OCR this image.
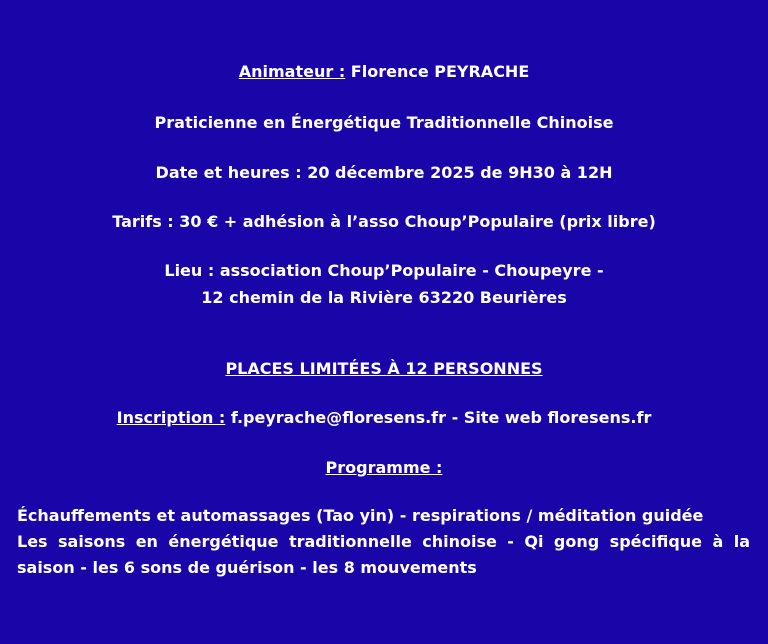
Animateur : Florence PEYRACHE
Praticienne en Énergétique Traditionnelle Chinoise
Date et heures : 20 décembre 2025 de 9H30 à 12H
Tarifs : 30 € + adhésion à l’asso Choup’Populaire (prix libre)
Lieu : association Choup’Populaire - Choupeyre -
12 chemin de la Rivière 63220 Beurières
PLACES LIMITÉES À 12 PERSONNES
Inscription : f.peyrache@floresens.fr - Site web floresens.fr
Programme :
Échauffements et automassages (Tao yin) - respirations / méditation guidée
Les saisons en énergétique traditionnelle chinoise - Qi gong spécifique à la
saison - les 6 sons de guérison - les 8 mouvements
